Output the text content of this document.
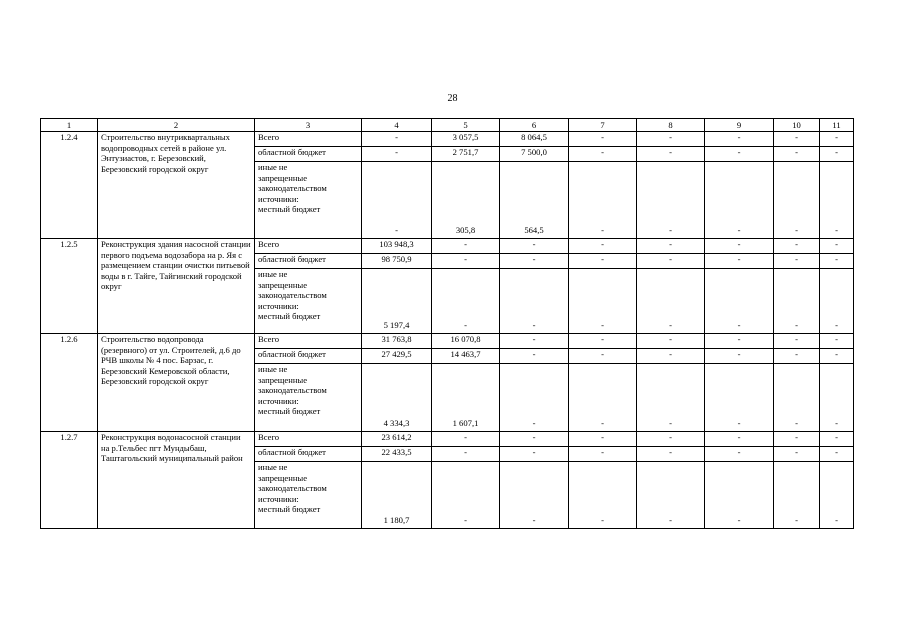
28
1	2	3	4	5	6	7	8	9	10	11
1.2.4	Строительство внутриквартальных водопроводных сетей в районе ул. Энтузиастов, г. Березовский, Березовский городской округ	Всего	-	3 057,5	8 064,5	-	-	-	-	-
		областной бюджет	-	2 751,7	7 500,0	-	-	-	-	-

		иные не
запрещенные
законодательством
источники:
местный бюджет	-	305,8	564,5	-	-	-	-	-
1.2.5	Реконструкция здания насосной станции первого подъема водозабора на р. Яя с размещением станции очистки питьевой воды в г. Тайге, Тайгинский городской округ	Всего	103 948,3	-	-	-	-	-	-	-
		областной бюджет	98 750,9	-	-	-	-	-	-	-

		иные не
запрещенные
законодательством
источники:
местный бюджет	5 197,4	-	-	-	-	-	-	-
1.2.6	Строительство водопровода (резервного) от ул. Строителей, д.6 до РЧВ школы № 4 пос. Барзас, г. Березовский Кемеровской области, Березовский городской округ	Всего	31 763,8	16 070,8	-	-	-	-	-	-
		областной бюджет	27 429,5	14 463,7	-	-	-	-	-	-

		иные не
запрещенные
законодательством
источники:
местный бюджет	4 334,3	1 607,1	-	-	-	-	-	-
1.2.7	Реконструкция водонасосной станции на р.Тельбес пгт Мундыбаш, Таштагольский муниципальный район	Всего	23 614,2	-	-	-	-	-	-	-
		областной бюджет	22 433,5	-	-	-	-	-	-	-

		иные не
запрещенные
законодательством
источники:
местный бюджет	1 180,7	-	-	-	-	-	-	-
